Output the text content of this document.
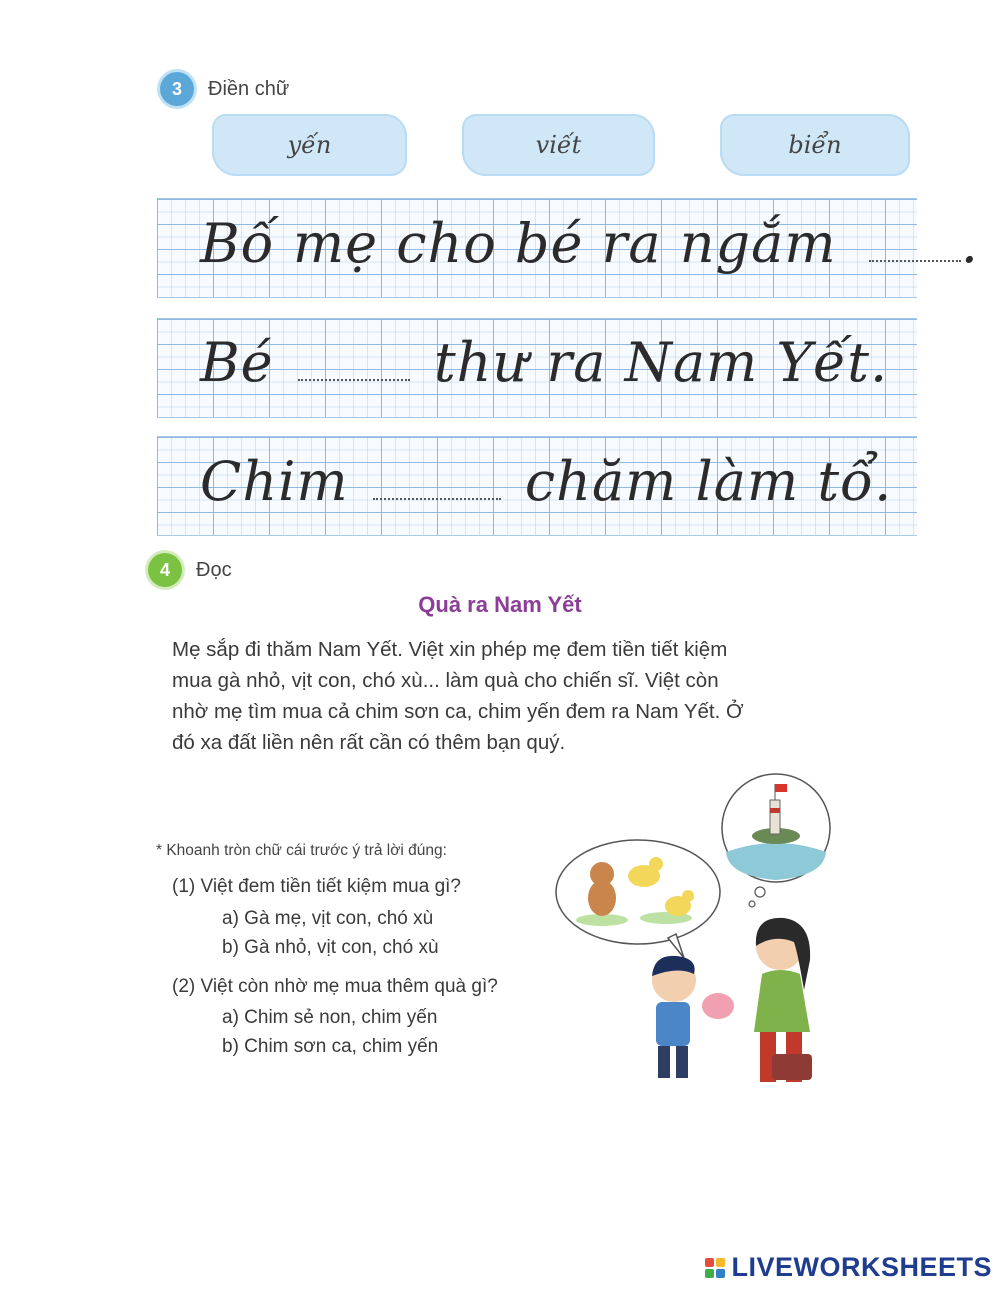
3	Điền chữ
yến	viết	biển
Bố mẹ cho bé ra ngắm .
Bé	thư ra Nam Yết.
Chim	chăm làm tổ.
4	Đọc
Quà ra Nam Yết

Mẹ sắp đi thăm Nam Yết. Việt xin phép mẹ đem tiền tiết kiệm

mua gà nhỏ, vịt con, chó xù... làm quà cho chiến sĩ. Việt còn

nhờ mẹ tìm mua cả chim sơn ca, chim yến đem ra Nam Yết. Ở

đó xa đất liền nên rất cần có thêm bạn quý.

* Khoanh tròn chữ cái trước ý trả lời đúng:
(1) Việt đem tiền tiết kiệm mua gì?
a) Gà mẹ, vịt con, chó xù
b) Gà nhỏ, vịt con, chó xù
(2) Việt còn nhờ mẹ mua thêm quà gì?
a) Chim sẻ non, chim yến
b) Chim sơn ca, chim yến
LIVEWORKSHEETS
